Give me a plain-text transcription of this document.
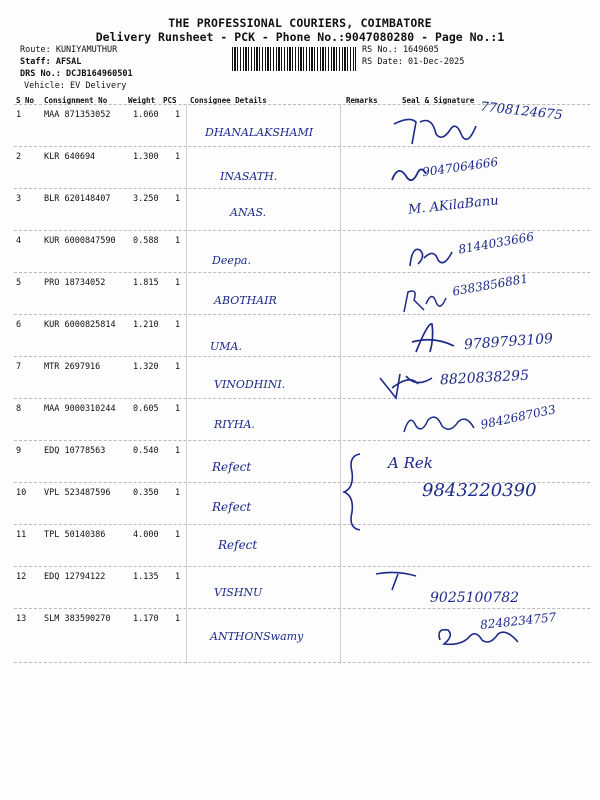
THE PROFESSIONAL COURIERS, COIMBATORE
Delivery Runsheet - PCK - Phone No.:9047080280 - Page No.:1
Route: KUNIYAMUTHUR
Staff: AFSAL
DRS No.: DCJB164960501
Vehicle: EV Delivery
RS No.: 1649605
RS Date: 01-Dec-2025
S No Consignment No	Weight PCS Consignee Details	Remarks	Seal & Signature
1	MAA 871353052	1.060 1
DHANALAKSHAMI
7708124675
2	KLR 640694	1.300 1
INASATH.	9047064666
3	BLR 620148407	3.250 1
ANAS.	M. AKilaBanu
4	KUR 6000847590 0.588 1
Deepa.
8144033666
5	PRO 18734052	1.815 1
ABOTHAIR
6383856881
6	KUR 6000825814 1.210 1
UMA.	9789793109
7	MTR 2697916	1.320 1
VINODHINI.	8820838295
8	MAA 9000310244 0.605 1
RIYHA.	9842687033
9	EDQ 10778563	0.540 1
Refect	A Rek
10 VPL 523487596	0.350 1
Refect
9843220390
11 TPL 50140386	4.000 1
Refect
12 EDQ 12794122	1.135 1
VISHNU	9025100782
13 SLM 383590270	1.170 1
ANTHONSwamy
8248234757
